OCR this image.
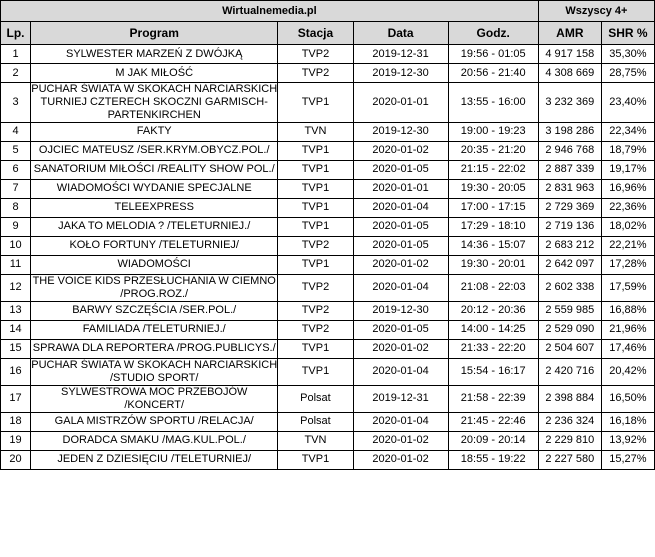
Wirtualnemedia.pl					Wszyscy 4+	
Lp.	Program	Stacja	Data	Godz.	AMR	SHR %
1	SYLWESTER MARZEŃ Z DWÓJKĄ	TVP2	2019-12-31	19:56 - 01:05	4 917 158	35,30%
2	M JAK MIŁOŚĆ	TVP2	2019-12-30	20:56 - 21:40	4 308 669	28,75%
3	PUCHAR ŚWIATA W SKOKACH NARCIARSKICH TURNIEJ CZTERECH SKOCZNI GARMISCH-PARTENKIRCHEN	TVP1	2020-01-01	13:55 - 16:00	3 232 369	23,40%
4	FAKTY	TVN	2019-12-30	19:00 - 19:23	3 198 286	22,34%
5	OJCIEC MATEUSZ /SER.KRYM.OBYCZ.POL./	TVP1	2020-01-02	20:35 - 21:20	2 946 768	18,79%
6	SANATORIUM MIŁOŚCI /REALITY SHOW POL./	TVP1	2020-01-05	21:15 - 22:02	2 887 339	19,17%
7	WIADOMOŚCI WYDANIE SPECJALNE	TVP1	2020-01-01	19:30 - 20:05	2 831 963	16,96%
8	TELEEXPRESS	TVP1	2020-01-04	17:00 - 17:15	2 729 369	22,36%
9	JAKA TO MELODIA ? /TELETURNIEJ./	TVP1	2020-01-05	17:29 - 18:10	2 719 136	18,02%
10	KOŁO FORTUNY /TELETURNIEJ/	TVP2	2020-01-05	14:36 - 15:07	2 683 212	22,21%
11	WIADOMOŚCI	TVP1	2020-01-02	19:30 - 20:01	2 642 097	17,28%
12	THE VOICE KIDS PRZESŁUCHANIA W CIEMNO /PROG.ROZ./	TVP2	2020-01-04	21:08 - 22:03	2 602 338	17,59%
13	BARWY SZCZĘŚCIA /SER.POL./	TVP2	2019-12-30	20:12 - 20:36	2 559 985	16,88%
14	FAMILIADA /TELETURNIEJ./	TVP2	2020-01-05	14:00 - 14:25	2 529 090	21,96%
15	SPRAWA DLA REPORTERA /PROG.PUBLICYS./	TVP1	2020-01-02	21:33 - 22:20	2 504 607	17,46%
16	PUCHAR ŚWIATA W SKOKACH NARCIARSKICH /STUDIO SPORT/	TVP1	2020-01-04	15:54 - 16:17	2 420 716	20,42%
17	SYLWESTROWA MOC PRZEBOJÓW /KONCERT/	Polsat	2019-12-31	21:58 - 22:39	2 398 884	16,50%
18	GALA MISTRZÓW SPORTU /RELACJA/	Polsat	2020-01-04	21:45 - 22:46	2 236 324	16,18%
19	DORADCA SMAKU /MAG.KUL.POL./	TVN	2020-01-02	20:09 - 20:14	2 229 810	13,92%
20	JEDEN Z DZIESIĘCIU /TELETURNIEJ/	TVP1	2020-01-02	18:55 - 19:22	2 227 580	15,27%
